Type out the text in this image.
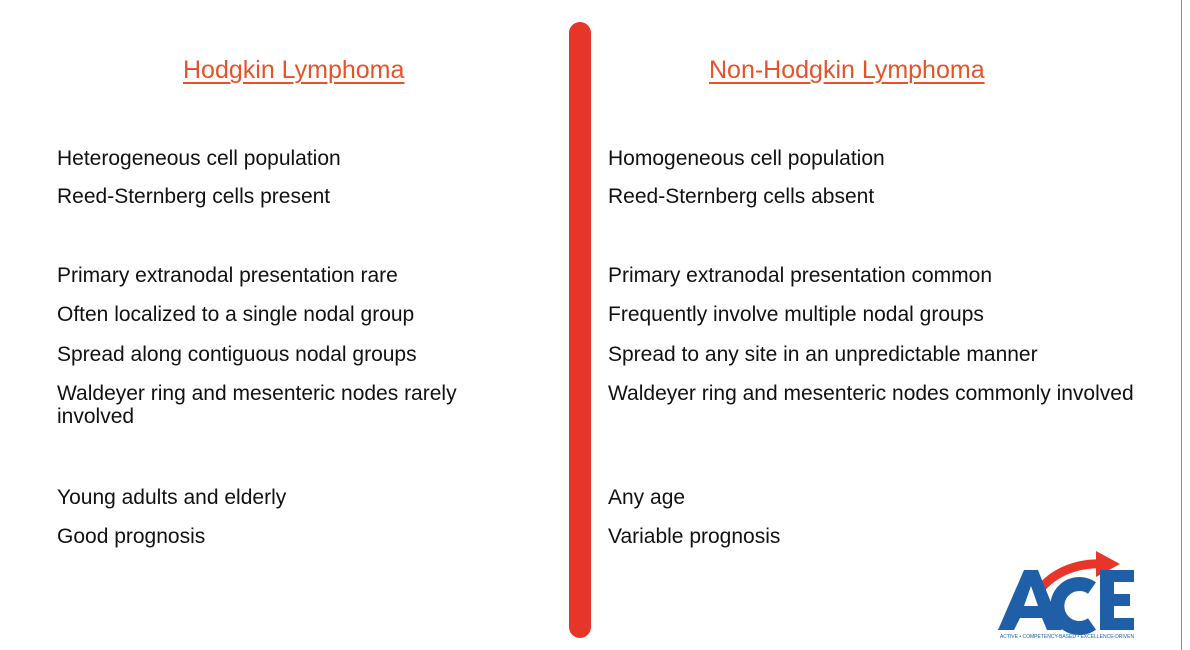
Hodgkin Lymphoma
Heterogeneous cell population
Reed-Sternberg cells present
Primary extranodal presentation rare
Often localized to a single nodal group
Spread along contiguous nodal groups
Waldeyer ring and mesenteric nodes rarely involved
Young adults and elderly
Good prognosis
Non-Hodgkin Lymphoma
Homogeneous cell population
Reed-Sternberg cells absent
Primary extranodal presentation common
Frequently involve multiple nodal groups
Spread to any site in an unpredictable manner
Waldeyer ring and mesenteric nodes commonly involved
Any age
Variable prognosis
ACTIVE • COMPETENCY-BASED • EXCELLENCE-DRIVEN
